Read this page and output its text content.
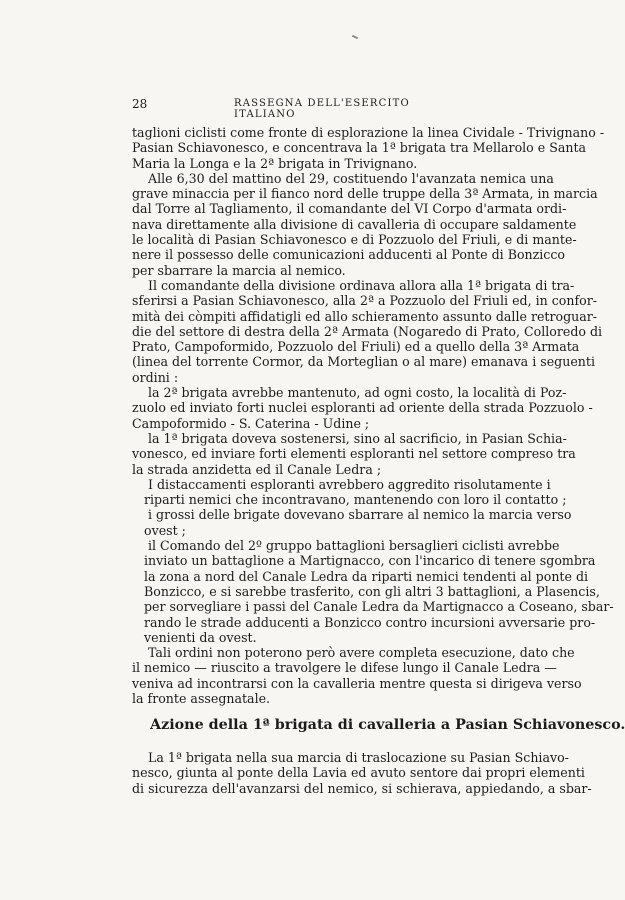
28	RASSEGNA DELL'ESERCITO ITALIANO

taglioni ciclisti come fronte di esplorazione la linea Cividale - Trivignano -

Pasian Schiavonesco, e concentrava la 1ª brigata tra Mellarolo e Santa

Maria la Longa e la 2ª brigata in Trivignano.

Alle 6,30 del mattino del 29, costituendo l'avanzata nemica una

grave minaccia per il fianco nord delle truppe della 3ª Armata, in marcia

dal Torre al Tagliamento, il comandante del VI Corpo d'armata ordi-

nava direttamente alla divisione di cavalleria di occupare saldamente

le località di Pasian Schiavonesco e di Pozzuolo del Friuli, e di mante-

nere il possesso delle comunicazioni adducenti al Ponte di Bonzicco

per sbarrare la marcia al nemico.

Il comandante della divisione ordinava allora alla 1ª brigata di tra-

sferirsi a Pasian Schiavonesco, alla 2ª a Pozzuolo del Friuli ed, in confor-

mità dei còmpiti affidatigli ed allo schieramento assunto dalle retroguar-

die del settore di destra della 2ª Armata (Nogaredo di Prato, Colloredo di

Prato, Campoformido, Pozzuolo del Friuli) ed a quello della 3ª Armata

(linea del torrente Cormor, da Morteglian o al mare) emanava i seguenti

ordini :

la 2ª brigata avrebbe mantenuto, ad ogni costo, la località di Poz-

zuolo ed inviato forti nuclei esploranti ad oriente della strada Pozzuolo -

Campoformido - S. Caterina - Udine ;

la 1ª brigata doveva sostenersi, sino al sacrificio, in Pasian Schia-

vonesco, ed inviare forti elementi esploranti nel settore compreso tra

la strada anzidetta ed il Canale Ledra ;

I distaccamenti esploranti avrebbero aggredito risolutamente i

riparti nemici che incontravano, mantenendo con loro il contatto ;

i grossi delle brigate dovevano sbarrare al nemico la marcia verso

ovest ;

il Comando del 2º gruppo battaglioni bersaglieri ciclisti avrebbe

inviato un battaglione a Martignacco, con l'incarico di tenere sgombra

la zona a nord del Canale Ledra da riparti nemici tendenti al ponte di

Bonzicco, e si sarebbe trasferito, con gli altri 3 battaglioni, a Plasencis,

per sorvegliare i passi del Canale Ledra da Martignacco a Coseano, sbar-

rando le strade adducenti a Bonzicco contro incursioni avversarie pro-

venienti da ovest.

Tali ordini non poterono però avere completa esecuzione, dato che

il nemico — riuscito a travolgere le difese lungo il Canale Ledra —

veniva ad incontrarsi con la cavalleria mentre questa si dirigeva verso

la fronte assegnatale.

Azione della 1ª brigata di cavalleria a Pasian Schiavonesco.

La 1ª brigata nella sua marcia di traslocazione su Pasian Schiavo-

nesco, giunta al ponte della Lavia ed avuto sentore dai propri elementi

di sicurezza dell'avanzarsi del nemico, si schierava, appiedando, a sbar-
